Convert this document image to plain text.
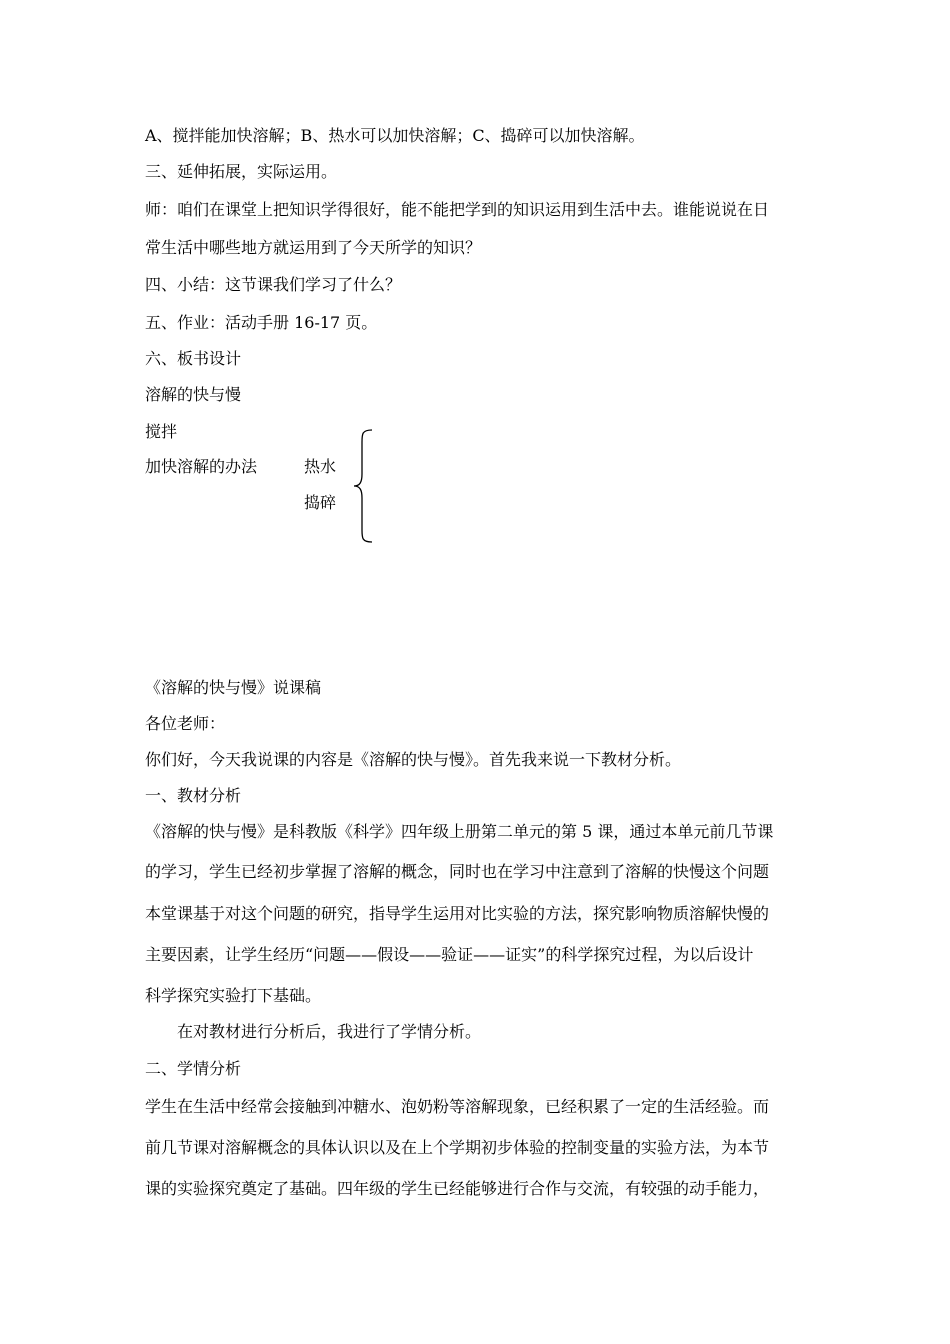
A、搅拌能加快溶解；B、热水可以加快溶解；C、捣碎可以加快溶解。
三、延伸拓展，实际运用。
师：咱们在课堂上把知识学得很好，能不能把学到的知识运用到生活中去。谁能说说在日
常生活中哪些地方就运用到了今天所学的知识？
四、小结：这节课我们学习了什么？
五、作业：活动手册 16-17 页。
六、板书设计
溶解的快与慢
搅拌
加快溶解的办法	热水
捣碎
《溶解的快与慢》说课稿
各位老师：
你们好，今天我说课的内容是《溶解的快与慢》。首先我来说一下教材分析。
一、教材分析
《溶解的快与慢》是科教版《科学》四年级上册第二单元的第 5 课，通过本单元前几节课
的学习，学生已经初步掌握了溶解的概念，同时也在学习中注意到了溶解的快慢这个问题
本堂课基于对这个问题的研究，指导学生运用对比实验的方法，探究影响物质溶解快慢的
主要因素，让学生经历“问题——假设——验证——证实”的科学探究过程，为以后设计
科学探究实验打下基础。
在对教材进行分析后，我进行了学情分析。
二、学情分析
学生在生活中经常会接触到冲糖水、泡奶粉等溶解现象，已经积累了一定的生活经验。而
前几节课对溶解概念的具体认识以及在上个学期初步体验的控制变量的实验方法，为本节
课的实验探究奠定了基础。四年级的学生已经能够进行合作与交流，有较强的动手能力，
